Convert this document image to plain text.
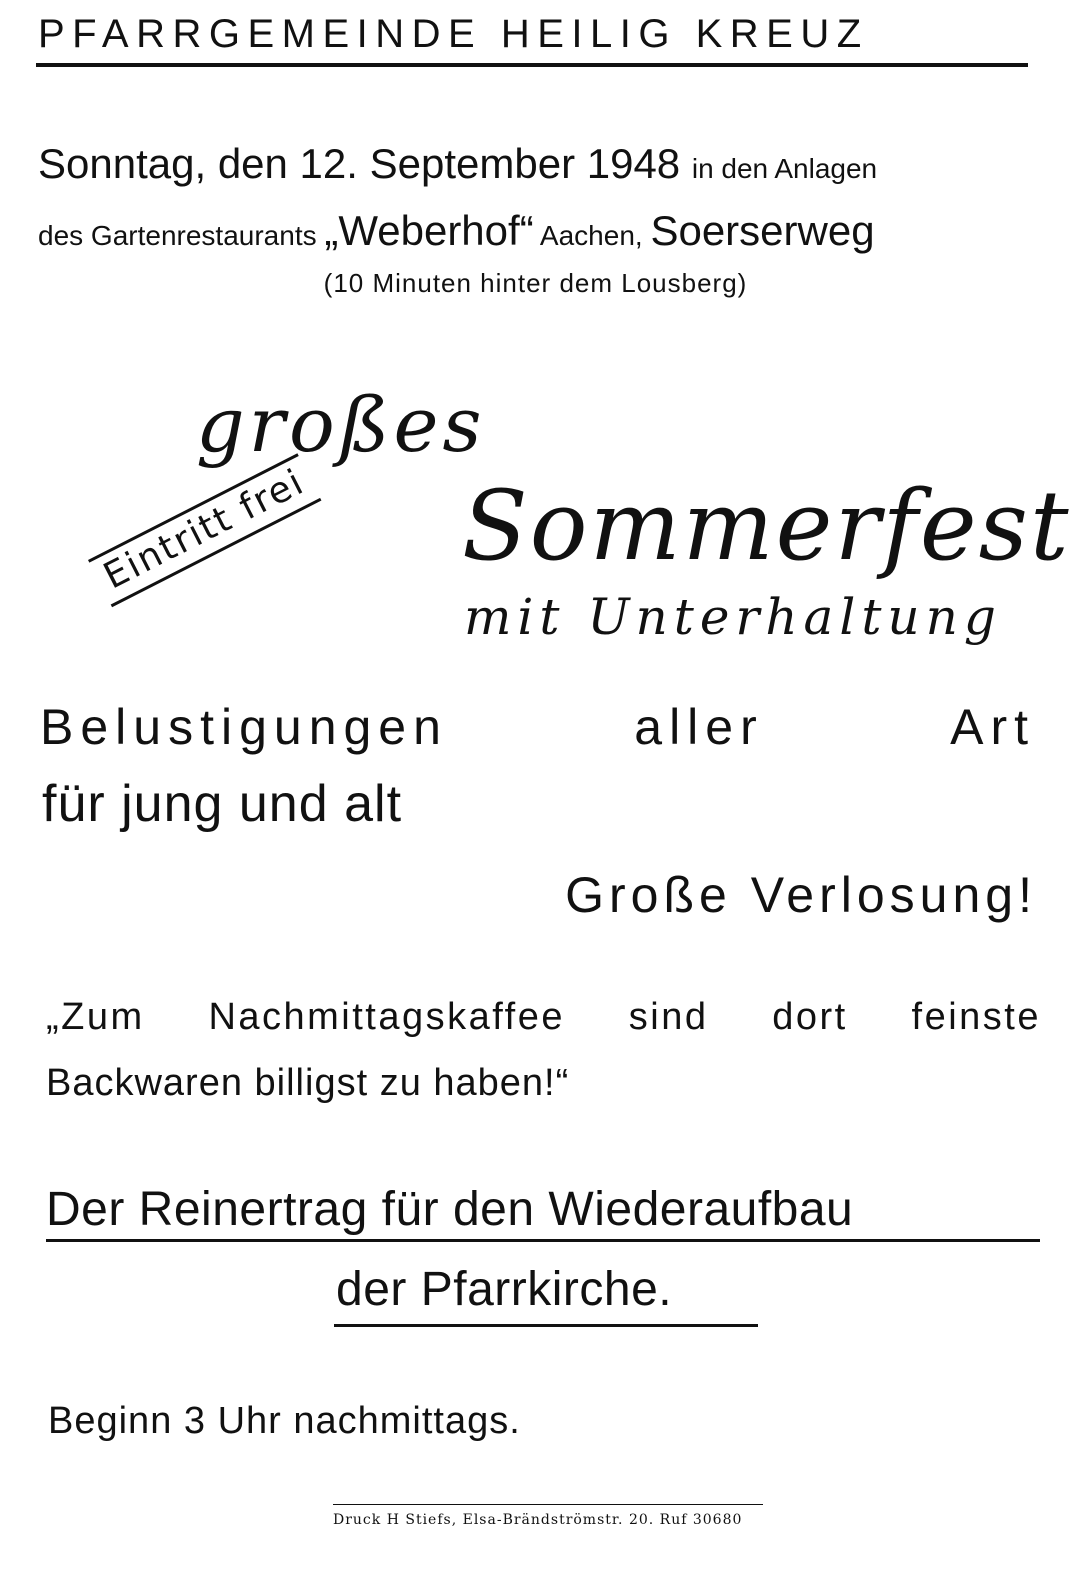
PFARRGEMEINDE HEILIG KREUZ

Sonntag, den 12. September 1948 in den Anlagen

des Gartenrestaurants „Weberhof“ Aachen, Soerserweg

(10 Minuten hinter dem Lousberg)

großes

Sommerfest

mit Unterhaltung

Eintritt frei

Belustigungen	aller	Art

für jung und alt

Große Verlosung!

„Zum Nachmittagskaffee sind dort feinste

Backwaren billigst zu haben!“

Der Reinertrag für den Wiederaufbau

der Pfarrkirche.

Beginn 3 Uhr nachmittags.

Druck H Stiefs, Elsa-Brändströmstr. 20. Ruf 30680
